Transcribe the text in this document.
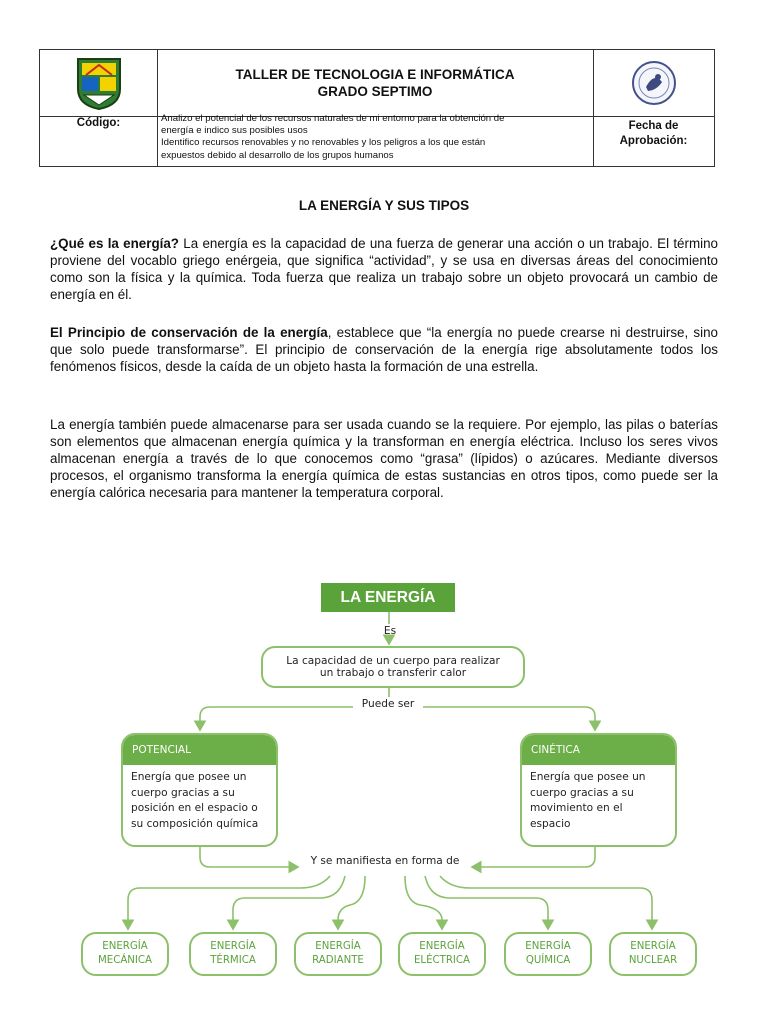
TALLER DE TECNOLOGIA E INFORMÁTICA
GRADO SEPTIMO
Código:	Analizo el potencial de los recursos naturales de mi entorno para la obtención de
energía e indico sus posibles usos
Identifico recursos renovables y no renovables y los peligros a los que están
expuestos debido al desarrollo de los grupos humanos
Fecha de
Aprobación:
LA ENERGÍA Y SUS TIPOS

¿Qué es la energía? La energía es la capacidad de una fuerza de generar una acción o un trabajo. El término proviene del vocablo griego enérgeia, que significa “actividad”, y se usa en diversas áreas del conocimiento como son la física y la química. Toda fuerza que realiza un trabajo sobre un objeto provocará un cambio de energía en él.

El Principio de conservación de la energía, establece que “la energía no puede crearse ni destruirse, sino que solo puede transformarse”. El principio de conservación de la energía rige absolutamente todos los fenómenos físicos, desde la caída de un objeto hasta la formación de una estrella.

La energía también puede almacenarse para ser usada cuando se la requiere. Por ejemplo, las pilas o baterías son elementos que almacenan energía química y la transforman en energía eléctrica. Incluso los seres vivos almacenan energía a través de lo que conocemos como “grasa” (lípidos) o azúcares. Mediante diversos procesos, el organismo transforma la energía química de estas sustancias en otros tipos, como puede ser la energía calórica necesaria para mantener la temperatura corporal.

LA ENERGÍA
Es
La capacidad de un cuerpo para realizar
un trabajo o transferir calor
Puede ser
POTENCIAL
Energía que posee un
cuerpo gracias a su
posición en el espacio o
su composición química
CINÉTICA
Energía que posee un
cuerpo gracias a su
movimiento en el
espacio
Y se manifiesta en forma de
ENERGÍA
MECÁNICA
ENERGÍA
TÉRMICA
ENERGÍA
RADIANTE
ENERGÍA
ELÉCTRICA
ENERGÍA
QUÍMICA
ENERGÍA
NUCLEAR
